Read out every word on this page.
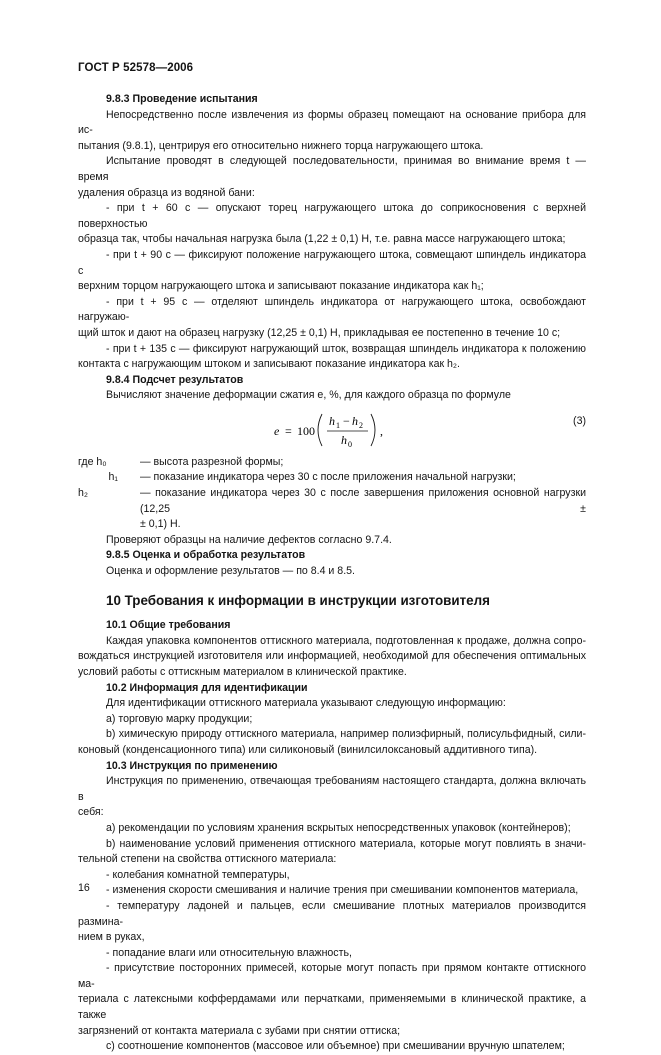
ГОСТ Р 52578—2006

9.8.3 Проведение испытания

Непосредственно после извлечения из формы образец помещают на основание прибора для ис-

пытания (9.8.1), центрируя его относительно нижнего торца нагружающего штока.

Испытание проводят в следующей последовательности, принимая во внимание время t — время

удаления образца из водяной бани:

- при t + 60 с — опускают торец нагружающего штока до соприкосновения с верхней поверхностью

образца так, чтобы начальная нагрузка была (1,22 ± 0,1) Н, т.е. равна массе нагружающего штока;

- при t + 90 с — фиксируют положение нагружающего штока, совмещают шпиндель индикатора с

верхним торцом нагружающего штока и записывают показание индикатора как h₁;

- при t + 95 с — отделяют шпиндель индикатора от нагружающего штока, освобождают нагружаю-

щий шток и дают на образец нагрузку (12,25 ± 0,1) Н, прикладывая ее постепенно в течение 10 с;

- при t + 135 с — фиксируют нагружающий шток, возвращая шпиндель индикатора к положению

контакта с нагружающим штоком и записывают показание индикатора как h₂.

9.8.4 Подсчет результатов

Вычисляют значение деформации сжатия e, %, для каждого образца по формуле

e = 100
h 1 − h 2
h 0
,
(3)

где h₀	— высота разрезной формы;

h₁ — показание индикатора через 30 с после приложения начальной нагрузки;

h₂	— показание индикатора через 30 с после завершения приложения основной нагрузки (12,25 ±

± 0,1) Н.

Проверяют образцы на наличие дефектов согласно 9.7.4.

9.8.5 Оценка и обработка результатов

Оценка и оформление результатов — по 8.4 и 8.5.

10 Требования к информации в инструкции изготовителя

10.1 Общие требования

Каждая упаковка компонентов оттискного материала, подготовленная к продаже, должна сопро-

вождаться инструкцией изготовителя или информацией, необходимой для обеспечения оптимальных

условий работы с оттискным материалом в клинической практике.

10.2 Информация для идентификации

Для идентификации оттискного материала указывают следующую информацию:

а) торговую марку продукции;

b) химическую природу оттискного материала, например полиэфирный, полисульфидный, сили-

коновый (конденсационного типа) или силиконовый (винилсилоксановый аддитивного типа).

10.3 Инструкция по применению

Инструкция по применению, отвечающая требованиям настоящего стандарта, должна включать в

себя:

а) рекомендации по условиям хранения вскрытых непосредственных упаковок (контейнеров);

b) наименование условий применения оттискного материала, которые могут повлиять в значи-

тельной степени на свойства оттискного материала:

- колебания комнатной температуры,

- изменения скорости смешивания и наличие трения при смешивании компонентов материала,

- температуру ладоней и пальцев, если смешивание плотных материалов производится размина-

нием в руках,

- попадание влаги или относительную влажность,

- присутствие посторонних примесей, которые могут попасть при прямом контакте оттискного ма-

териала с латексными коффердамами или перчатками, применяемыми в клинической практике, а также

загрязнений от контакта материала с зубами при снятии оттиска;

с) соотношение компонентов (массовое или объемное) при смешивании вручную шпателем;

16
